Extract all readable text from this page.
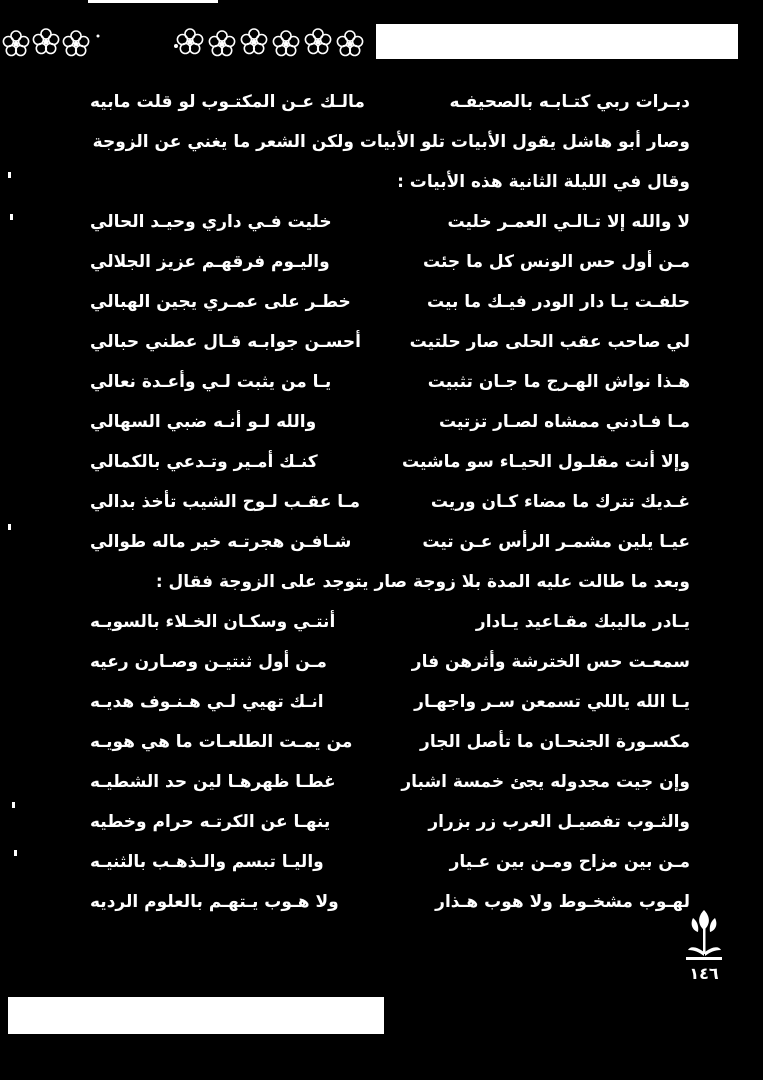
دبـرات ربي كتـابـه بالصحيفـه
مالـك عـن المكتـوب لو قلت مابيه
وصار أبو هاشل يقول الأبيات تلو الأبيات ولكن الشعر ما يغني عن الزوجة
وقال في الليلة الثانية هذه الأبيات :
لا والله إلا تـالـي العمـر خليت
خليت فـي داري وحيـد الحالي
مـن أول حس الونس كل ما جئت
واليـوم فرقهـم عزيز الجلالي
حلفـت يـا دار الودر فيـك ما بيت
خطـر على عمـري يجين الهبالي
لي صاحب عقب الحلى صار حلتيت
أحسـن جوابـه قـال عطني حبالي
هـذا نواش الهـرج ما جـان تثبيت
يـا من يثبت لـي وأعـدة نعالي
مـا فـادني ممشاه لصـار تزتيت
والله لـو أنـه ضبي السهالي
وإلا أنت مقلـول الحيـاء سو ماشيت
كنـك أمـير وتـدعي بالكمالي
غـديك تترك ما مضاء كـان وريت
مـا عقـب لـوح الشيب تأخذ بدالي
عيـا يلين مشمـر الرأس عـن تيت
شـافـن هجرتـه خير ماله طوالي
وبعد ما طالت عليه المدة بلا زوجة صار يتوجد على الزوجة فقال :
يـادر ماليبك مقـاعيد يـادار
أنتـي وسكـان الخـلاء بالسويـه
سمعـت حس الخترشة وأثرهن فار
مـن أول ثنتيـن وصـارن رعيه
يـا الله ياللي تسمعن سـر واجهـار
انـك تهيي لـي هـنـوف هديـه
مكسـورة الجنحـان ما تأصل الجار
من يمـت الطلعـات ما هي هويـه
وإن جيت مجدوله يجئ خمسة اشبار
غطـا ظهرهـا لين حد الشطيـه
والثـوب تفصيـل العرب زر بزرار
ينهـا عن الكرتـه حرام وخطيه
مـن بين مزاح ومـن بين عـيار
واليـا تبسم والـذهـب بالثنيـه
لهـوب مشخـوط ولا هوب هـذار
ولا هـوب يـتهـم بالعلوم الرديه
١٤٦
